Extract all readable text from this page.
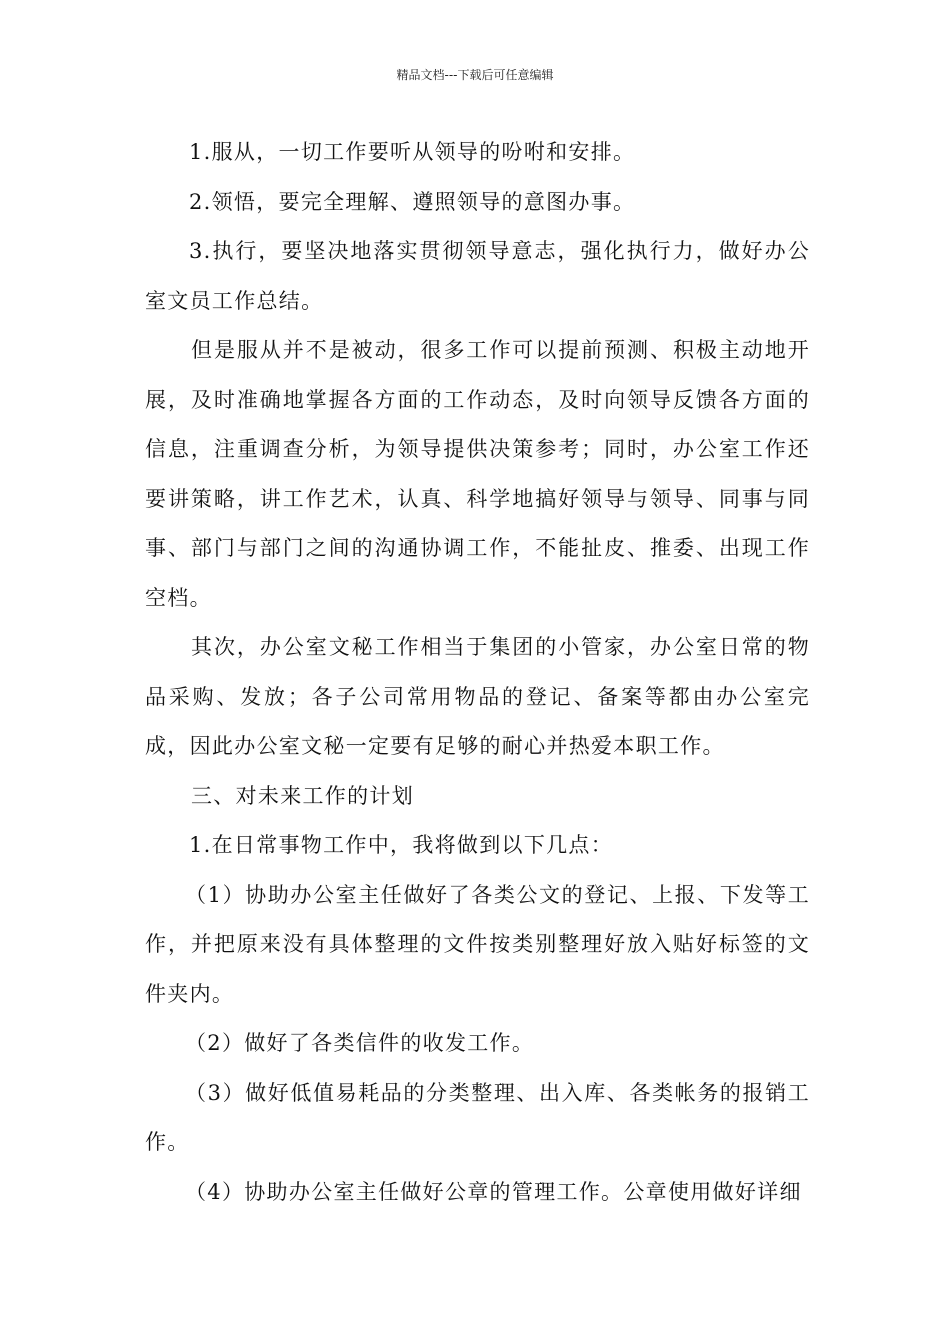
精品文档---下载后可任意编辑

1.服从，一切工作要听从领导的吩咐和安排。

2.领悟，要完全理解、遵照领导的意图办事。

3.执行，要坚决地落实贯彻领导意志，强化执行力，做好办公室文员工作总结。

但是服从并不是被动，很多工作可以提前预测、积极主动地开展，及时准确地掌握各方面的工作动态，及时向领导反馈各方面的信息，注重调查分析，为领导提供决策参考；同时，办公室工作还要讲策略，讲工作艺术，认真、科学地搞好领导与领导、同事与同事、部门与部门之间的沟通协调工作，不能扯皮、推委、出现工作空档。

其次，办公室文秘工作相当于集团的小管家，办公室日常的物品采购、发放；各子公司常用物品的登记、备案等都由办公室完成，因此办公室文秘一定要有足够的耐心并热爱本职工作。

三、对未来工作的计划

1.在日常事物工作中，我将做到以下几点：

（1）协助办公室主任做好了各类公文的登记、上报、下发等工作，并把原来没有具体整理的文件按类别整理好放入贴好标签的文件夹内。

（2）做好了各类信件的收发工作。

（3）做好低值易耗品的分类整理、出入库、各类帐务的报销工作。

（4）协助办公室主任做好公章的管理工作。公章使用做好详细
